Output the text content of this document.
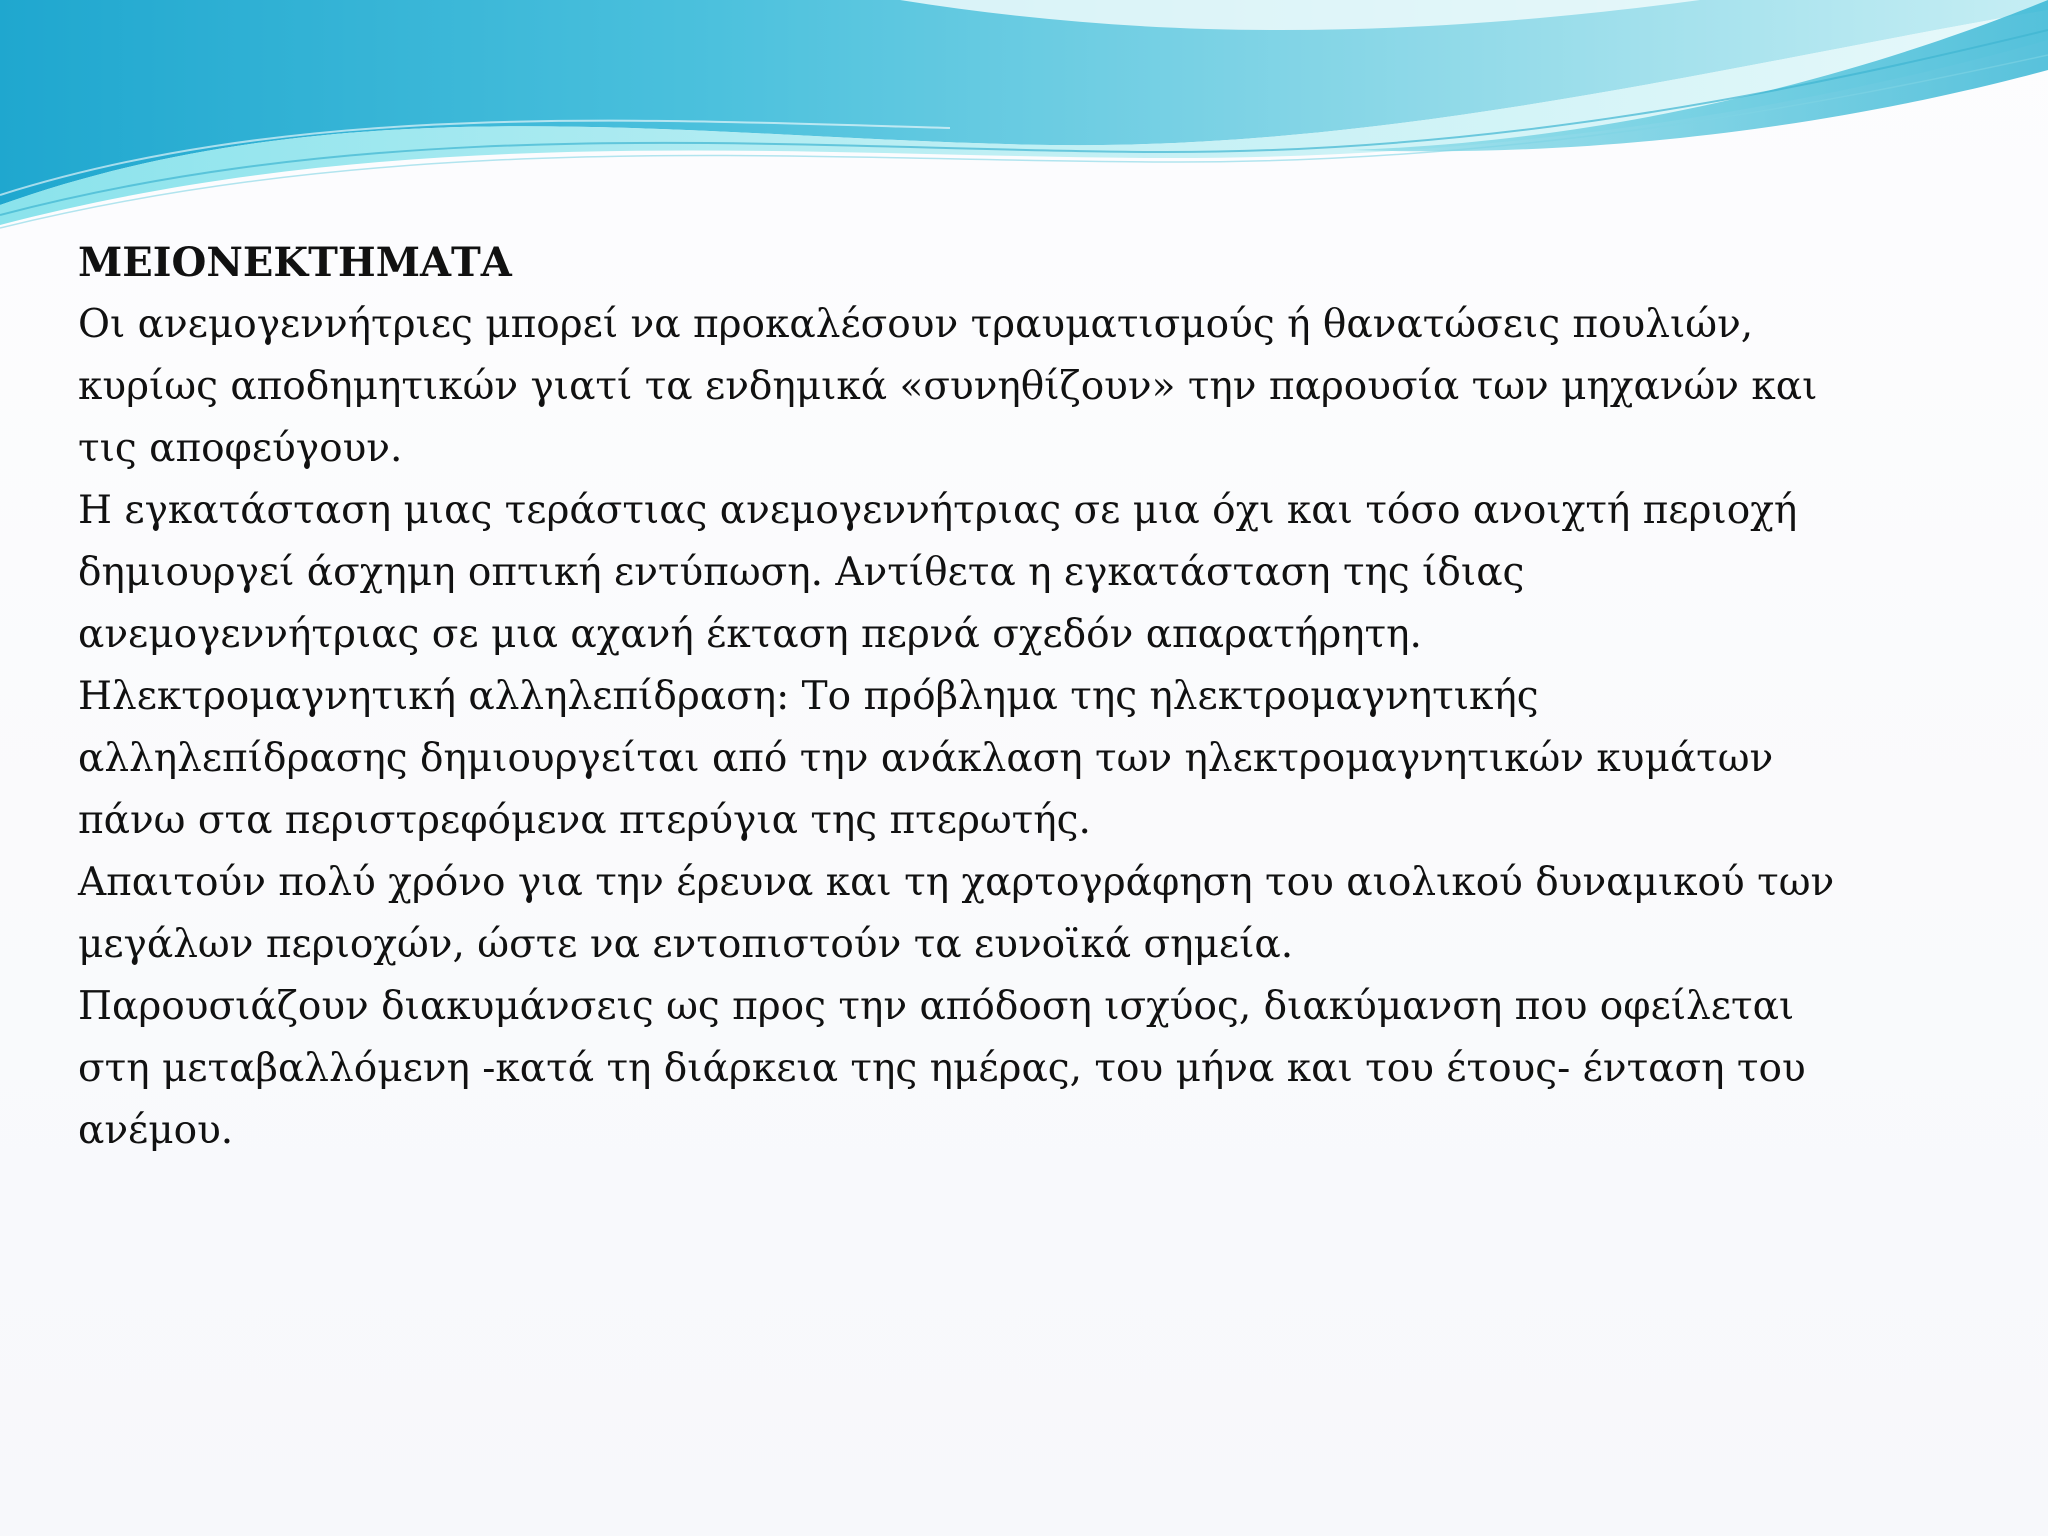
ΜΕΙΟΝΕΚΤΗΜΑΤΑ

Οι ανεμογεννήτριες μπορεί να προκαλέσουν τραυματισμούς ή θανατώσεις πουλιών,

κυρίως αποδημητικών γιατί τα ενδημικά «συνηθίζουν» την παρουσία των μηχανών και

τις αποφεύγουν.

Η εγκατάσταση μιας τεράστιας ανεμογεννήτριας σε μια όχι και τόσο ανοιχτή περιοχή

δημιουργεί άσχημη οπτική εντύπωση. Αντίθετα η εγκατάσταση της ίδιας

ανεμογεννήτριας σε μια αχανή έκταση περνά σχεδόν απαρατήρητη.

Ηλεκτρομαγνητική αλληλεπίδραση: Το πρόβλημα της ηλεκτρομαγνητικής

αλληλεπίδρασης δημιουργείται από την ανάκλαση των ηλεκτρομαγνητικών κυμάτων

πάνω στα περιστρεφόμενα πτερύγια της πτερωτής.

Απαιτούν πολύ χρόνο για την έρευνα και τη χαρτογράφηση του αιολικού δυναμικού των

μεγάλων περιοχών, ώστε να εντοπιστούν τα ευνοϊκά σημεία.

Παρουσιάζουν διακυμάνσεις ως προς την απόδοση ισχύος, διακύμανση που οφείλεται

στη μεταβαλλόμενη -κατά τη διάρκεια της ημέρας, του μήνα και του έτους- ένταση του

ανέμου.
